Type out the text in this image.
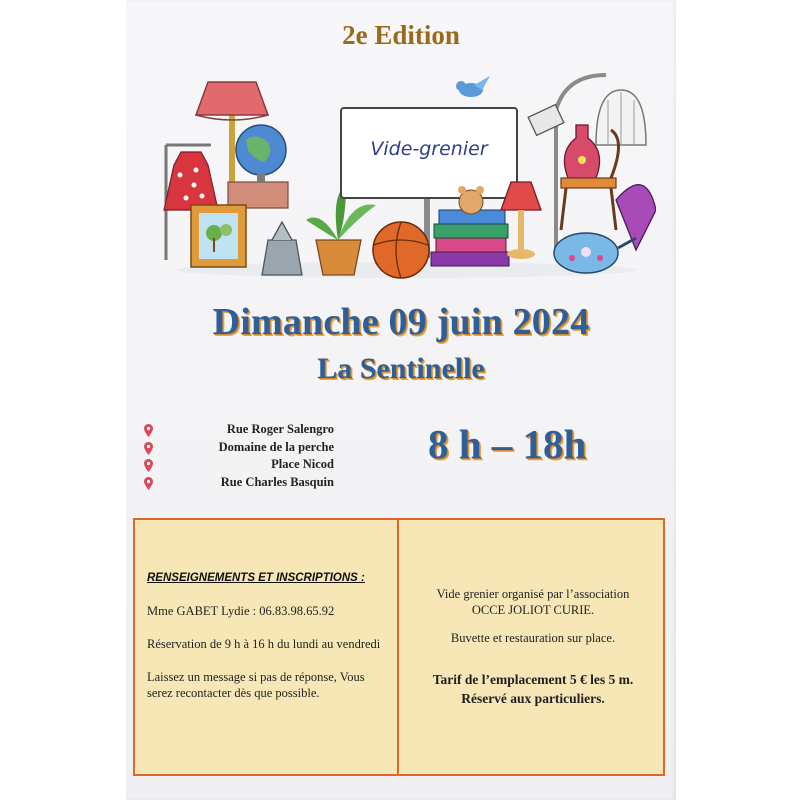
2e Edition
Vide-grenier
Dimanche 09 juin 2024
La Sentinelle
Rue Roger Salengro
Domaine de la perche
Place Nicod
Rue Charles Basquin
8 h – 18h
RENSEIGNEMENTS ET INSCRIPTIONS :
Mme GABET Lydie : 06.83.98.65.92
Réservation de 9 h à 16 h du lundi au vendredi
Laissez un message si pas de réponse, Vous serez recontacter dès que possible.
Vide grenier organisé par l’association
OCCE JOLIOT CURIE.
Buvette et restauration sur place.
Tarif de l’emplacement 5 € les 5 m.
Réservé aux particuliers.
